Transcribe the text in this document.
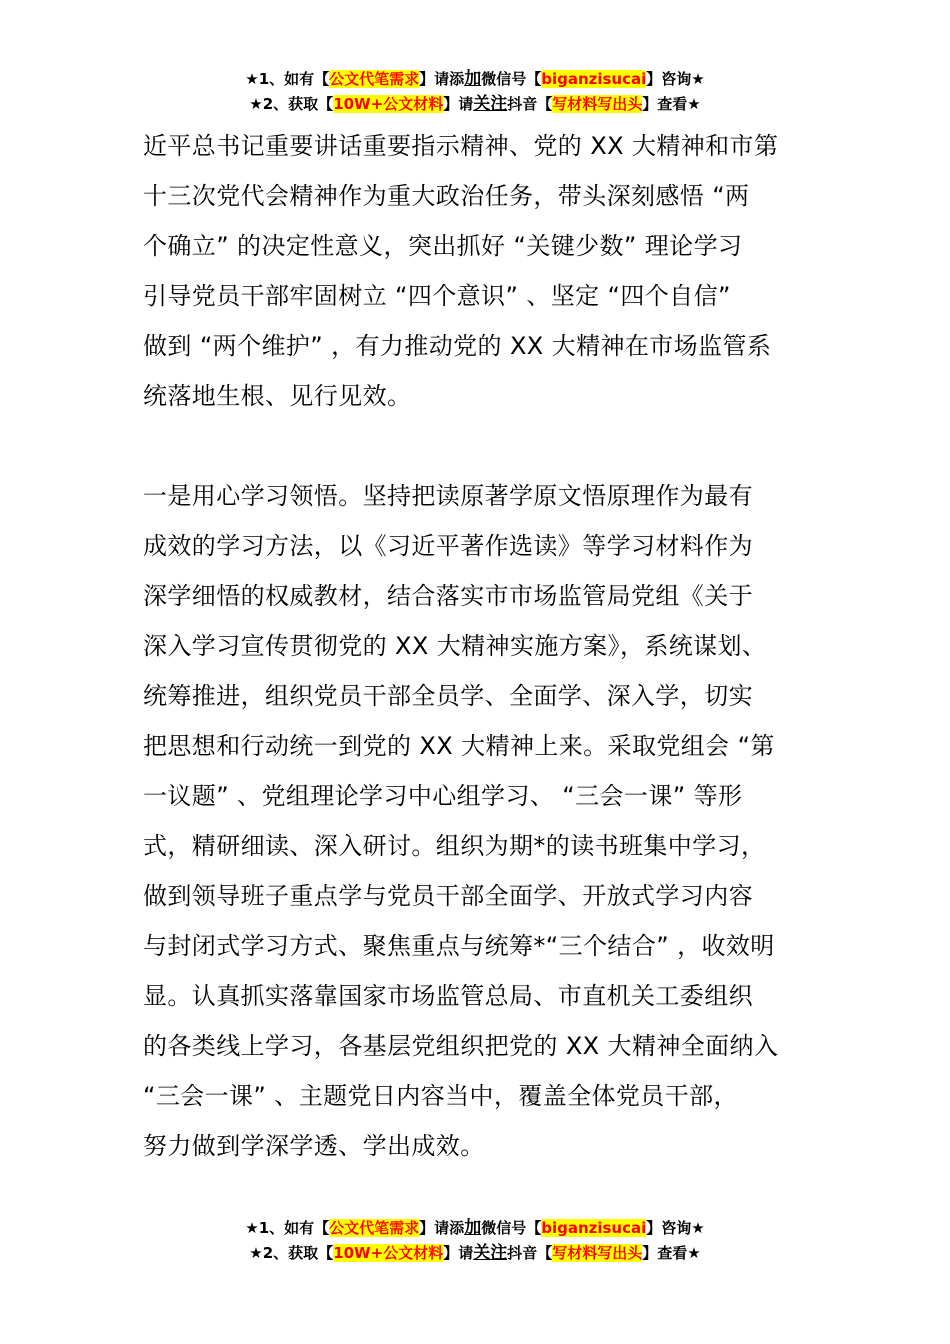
★1、如有【公文代笔需求】请添加微信号【biganzisucai】咨询★
★2、获取【10W+公文材料】请关注抖音【写材料写出头】查看★

近平总书记重要讲话重要指示精神、党的 XX 大精神和市第
十三次党代会精神作为重大政治任务，带头深刻感悟 “两
个确立” 的决定性意义，突出抓好 “关键少数” 理论学习
引导党员干部牢固树立 “四个意识” 、坚定 “四个自信”
做到 “两个维护” ，有力推动党的 XX 大精神在市场监管系
统落地生根、见行见效。

一是用心学习领悟。坚持把读原著学原文悟原理作为最有
成效的学习方法，以《习近平著作选读》等学习材料作为
深学细悟的权威教材，结合落实市市场监管局党组《关于
深入学习宣传贯彻党的 XX 大精神实施方案》，系统谋划、
统筹推进，组织党员干部全员学、全面学、深入学，切实
把思想和行动统一到党的 XX 大精神上来。采取党组会 “第
一议题” 、党组理论学习中心组学习、 “三会一课” 等形
式，精研细读、深入研讨。组织为期*的读书班集中学习，
做到领导班子重点学与党员干部全面学、开放式学习内容
与封闭式学习方式、聚焦重点与统筹*“三个结合” ，收效明
显。认真抓实落靠国家市场监管总局、市直机关工委组织
的各类线上学习，各基层党组织把党的 XX 大精神全面纳入
“三会一课” 、主题党日内容当中，覆盖全体党员干部，
努力做到学深学透、学出成效。

★1、如有【公文代笔需求】请添加微信号【biganzisucai】咨询★
★2、获取【10W+公文材料】请关注抖音【写材料写出头】查看★
